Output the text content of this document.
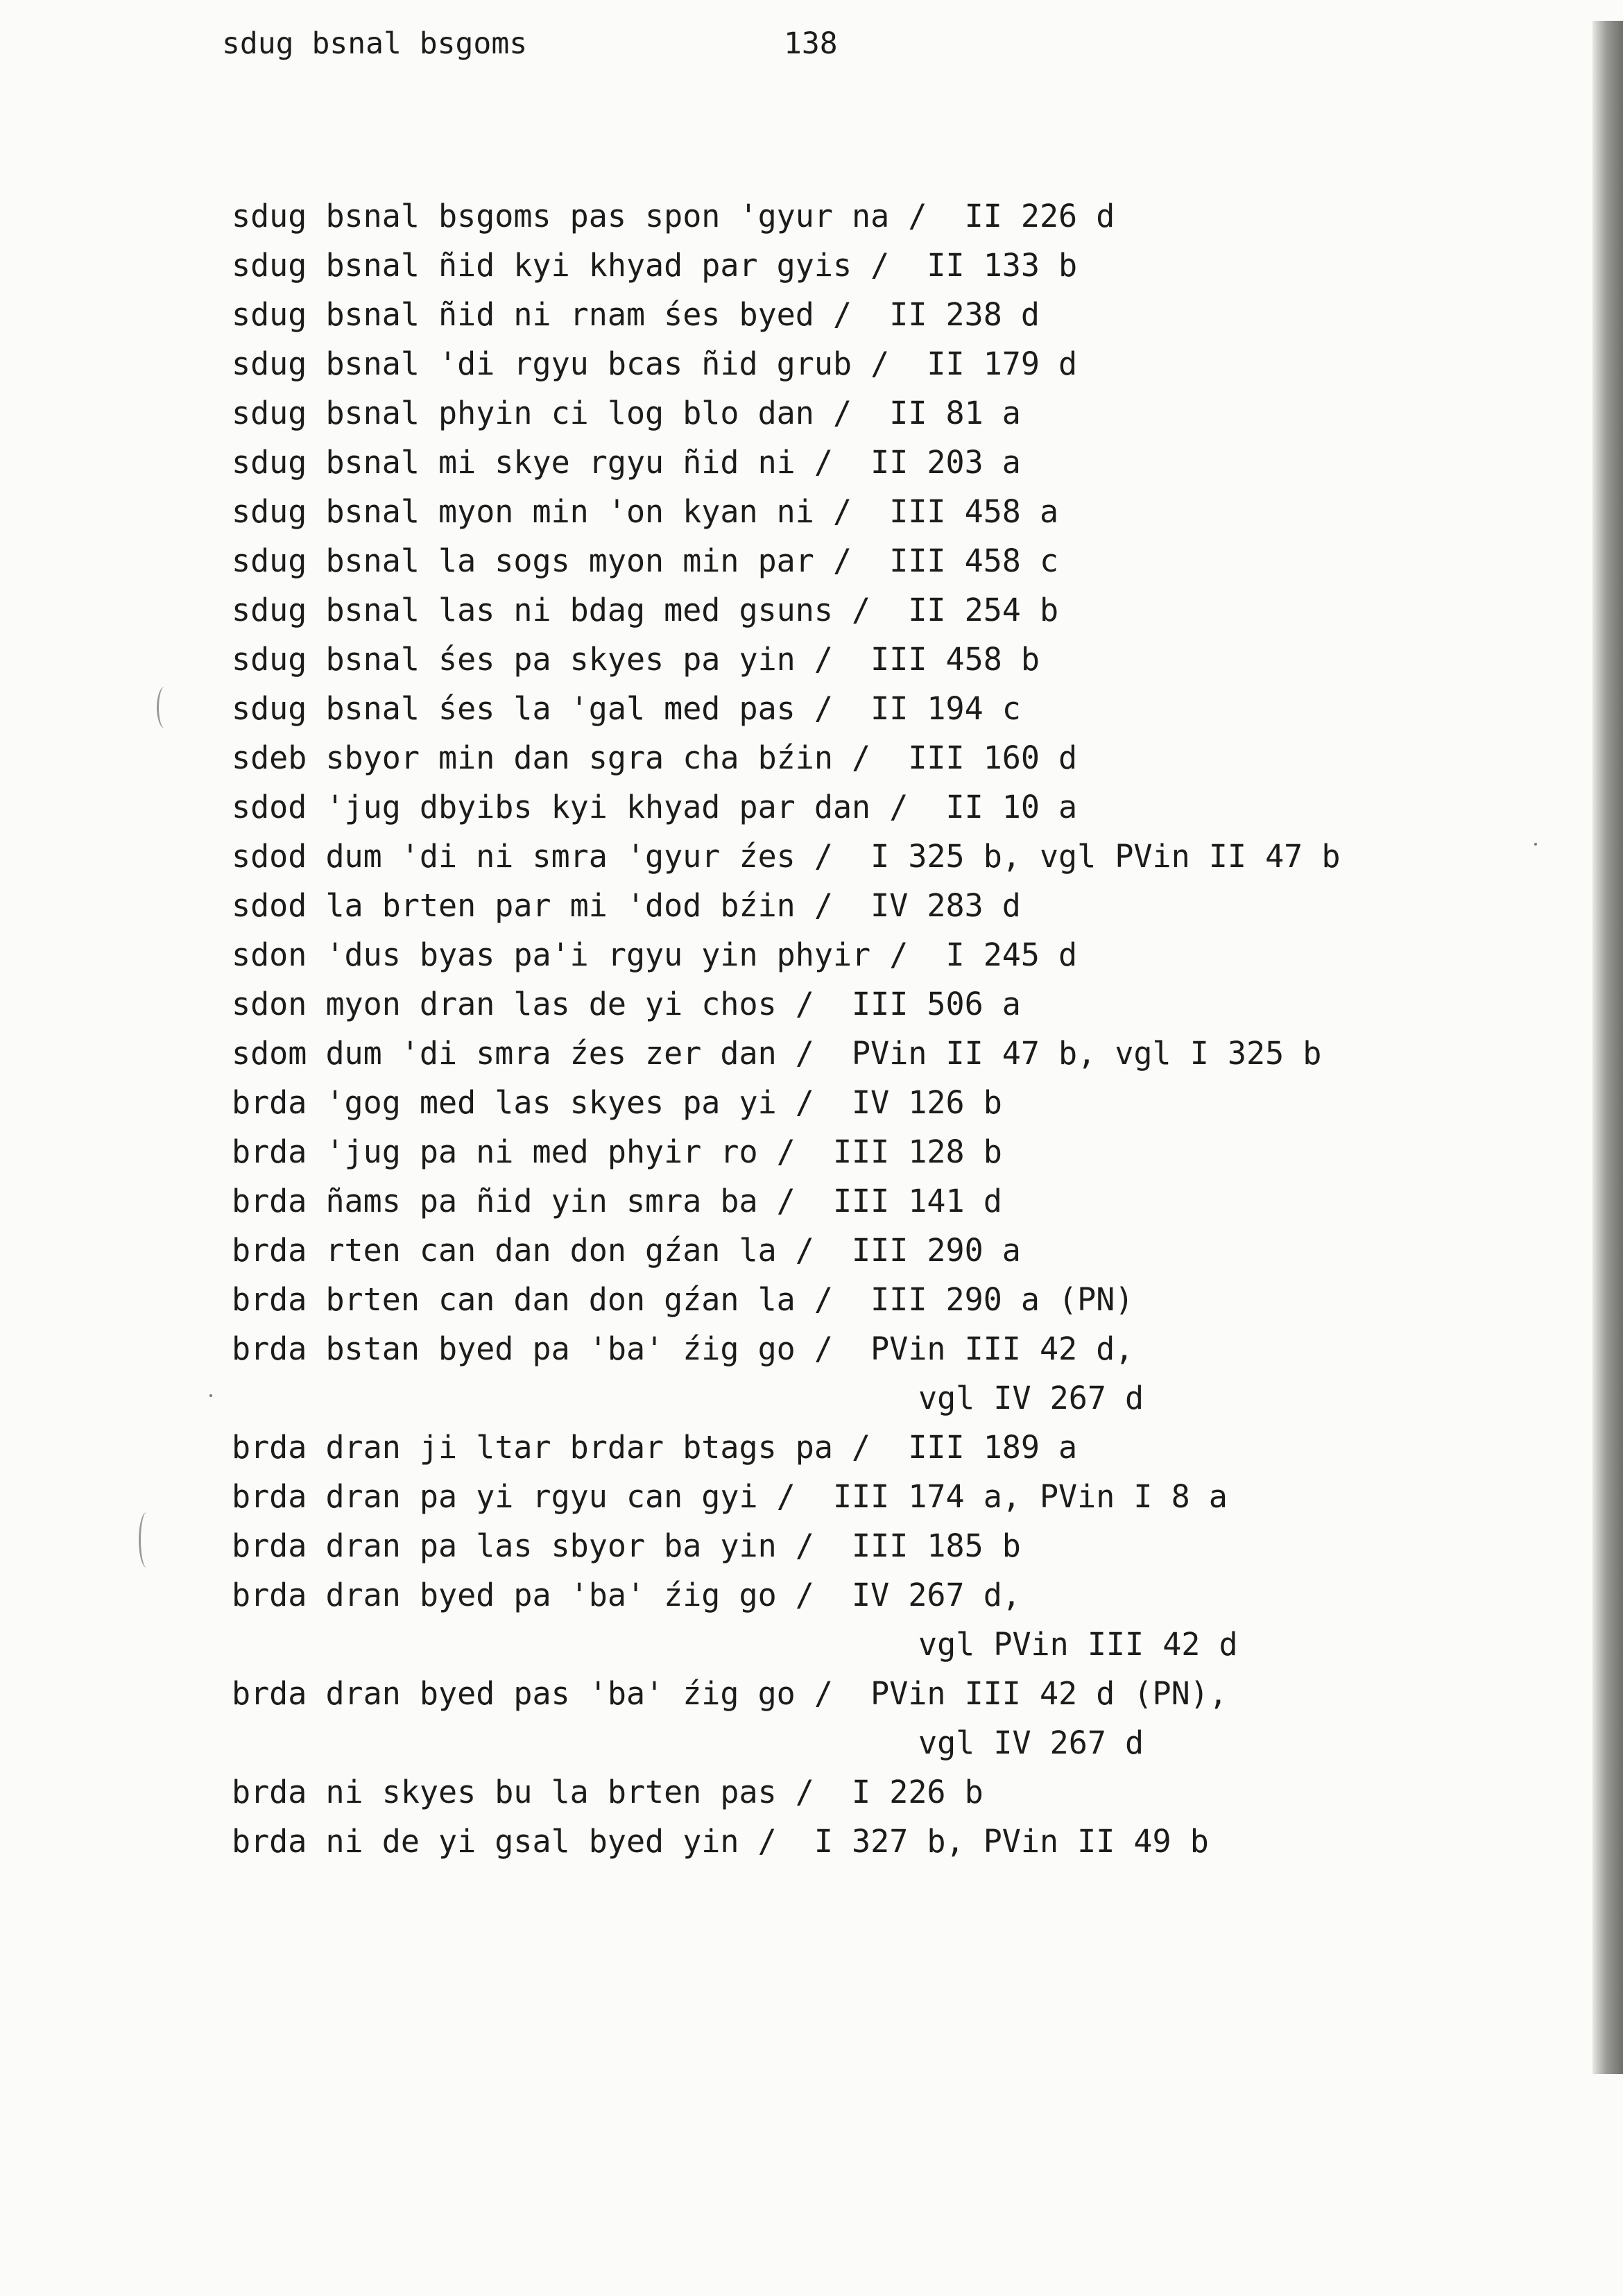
sdug bsnal bsgoms	138
sdug bsnal bsgoms pas spon 'gyur na /  II 226 d
sdug bsnal ñid kyi khyad par gyis /  II 133 b
sdug bsnal ñid ni rnam śes byed /  II 238 d
sdug bsnal 'di rgyu bcas ñid grub /  II 179 d
sdug bsnal phyin ci log blo dan /  II 81 a
sdug bsnal mi skye rgyu ñid ni /  II 203 a
sdug bsnal myon min 'on kyan ni /  III 458 a
sdug bsnal la sogs myon min par /  III 458 c
sdug bsnal las ni bdag med gsuns /  II 254 b
sdug bsnal śes pa skyes pa yin /  III 458 b
sdug bsnal śes la 'gal med pas /  II 194 c
sdeb sbyor min dan sgra cha bźin /  III 160 d
sdod 'jug dbyibs kyi khyad par dan /  II 10 a
sdod dum 'di ni smra 'gyur źes /  I 325 b, vgl PVin II 47 b
sdod la brten par mi 'dod bźin /  IV 283 d
sdon 'dus byas pa'i rgyu yin phyir /  I 245 d
sdon myon dran las de yi chos /  III 506 a
sdom dum 'di smra źes zer dan /  PVin II 47 b, vgl I 325 b
brda 'gog med las skyes pa yi /  IV 126 b
brda 'jug pa ni med phyir ro /  III 128 b
brda ñams pa ñid yin smra ba /  III 141 d
brda rten can dan don gźan la /  III 290 a
brda brten can dan don gźan la /  III 290 a (PN)
brda bstan byed pa 'ba' źig go /  PVin III 42 d,
vgl IV 267 d
brda dran ji ltar brdar btags pa /  III 189 a
brda dran pa yi rgyu can gyi /  III 174 a, PVin I 8 a
brda dran pa las sbyor ba yin /  III 185 b
brda dran byed pa 'ba' źig go /  IV 267 d,
vgl PVin III 42 d
brda dran byed pas 'ba' źig go /  PVin III 42 d (PN),
vgl IV 267 d
brda ni skyes bu la brten pas /  I 226 b
brda ni de yi gsal byed yin /  I 327 b, PVin II 49 b
